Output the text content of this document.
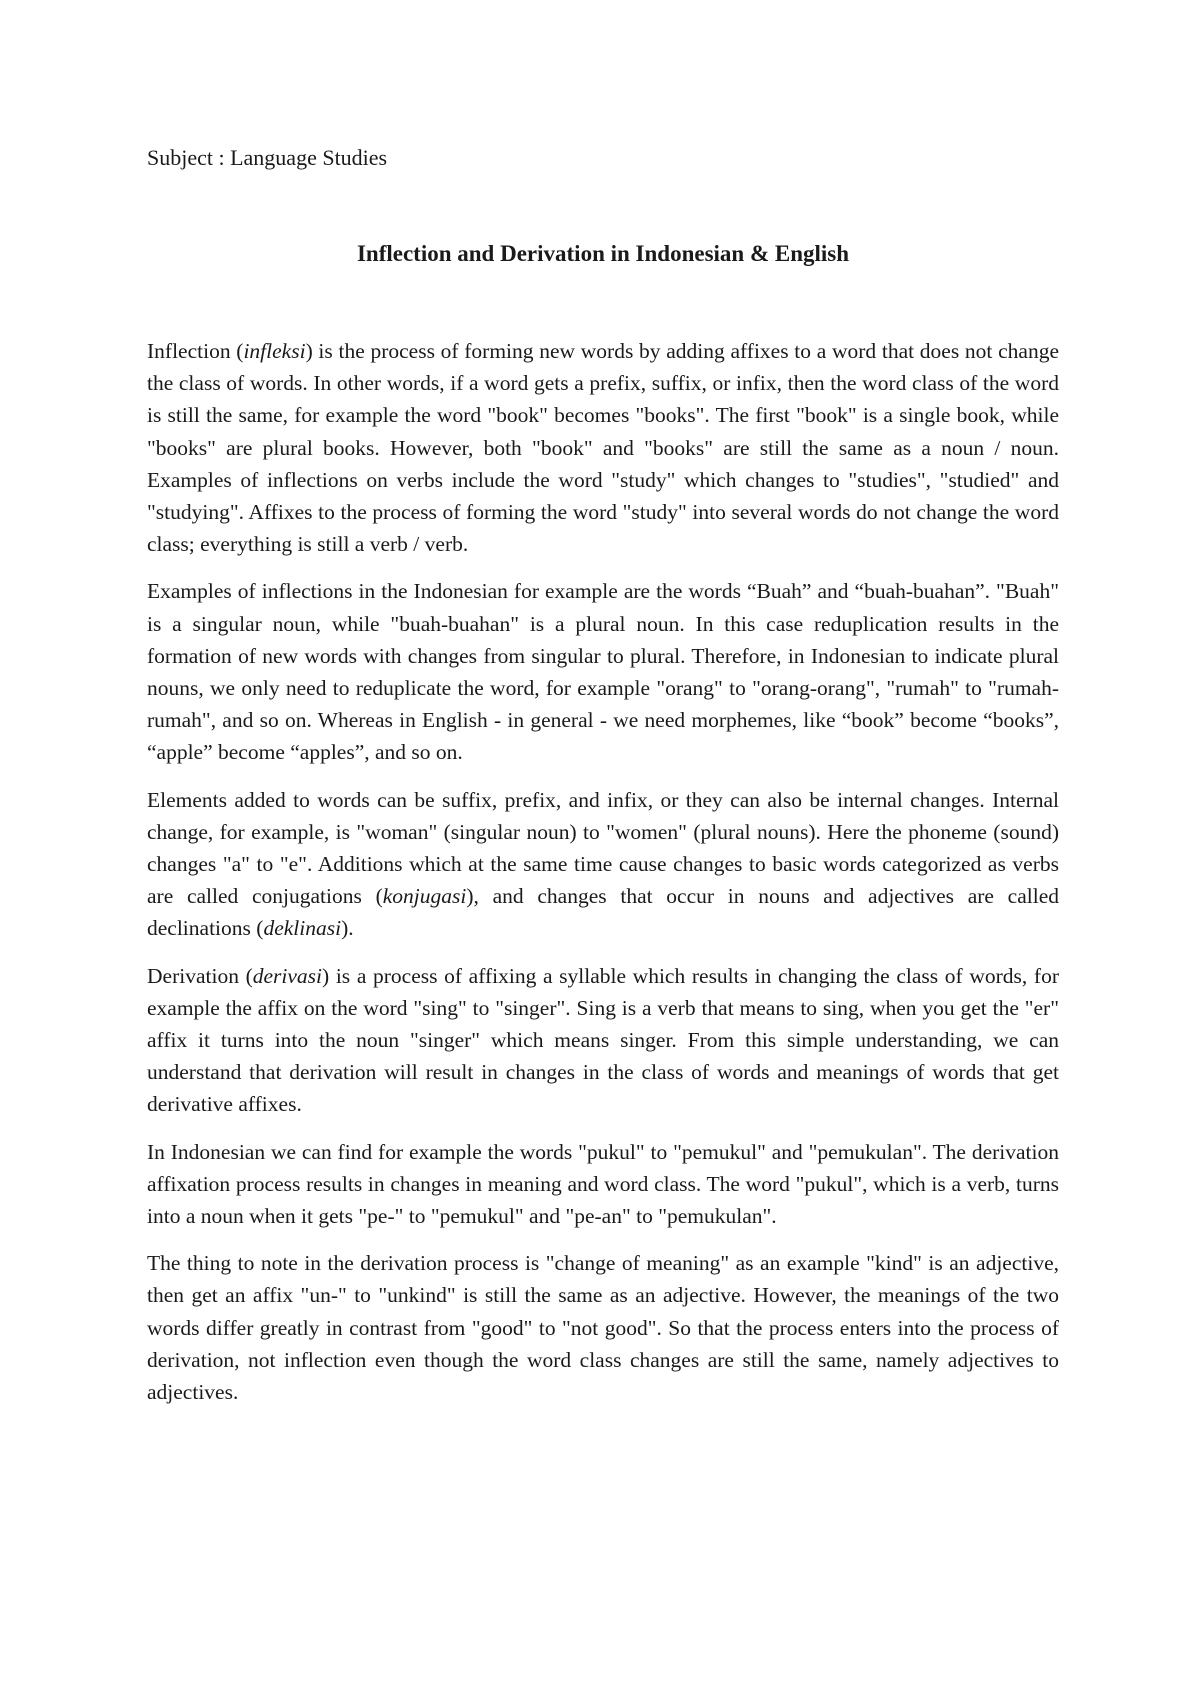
Subject : Language Studies

Inflection and Derivation in Indonesian & English

Inflection (infleksi) is the process of forming new words by adding affixes to a word that does not change the class of words. In other words, if a word gets a prefix, suffix, or infix, then the word class of the word is still the same, for example the word "book" becomes "books". The first "book" is a single book, while "books" are plural books. However, both "book" and "books" are still the same as a noun / noun. Examples of inflections on verbs include the word "study" which changes to "studies", "studied" and "studying". Affixes to the process of forming the word "study" into several words do not change the word class; everything is still a verb / verb.

Examples of inflections in the Indonesian for example are the words “Buah” and “buah-buahan”. "Buah" is a singular noun, while "buah-buahan" is a plural noun. In this case reduplication results in the formation of new words with changes from singular to plural. Therefore, in Indonesian to indicate plural nouns, we only need to reduplicate the word, for example "orang" to "orang-orang", "rumah" to "rumah-rumah", and so on. Whereas in English - in general - we need morphemes, like “book” become “books”, “apple” become “apples”, and so on.

Elements added to words can be suffix, prefix, and infix, or they can also be internal changes. Internal change, for example, is "woman" (singular noun) to "women" (plural nouns). Here the phoneme (sound) changes "a" to "e". Additions which at the same time cause changes to basic words categorized as verbs are called conjugations (konjugasi), and changes that occur in nouns and adjectives are called declinations (deklinasi).

Derivation (derivasi) is a process of affixing a syllable which results in changing the class of words, for example the affix on the word "sing" to "singer". Sing is a verb that means to sing, when you get the "er" affix it turns into the noun "singer" which means singer. From this simple understanding, we can understand that derivation will result in changes in the class of words and meanings of words that get derivative affixes.

In Indonesian we can find for example the words "pukul" to "pemukul" and "pemukulan". The derivation affixation process results in changes in meaning and word class. The word "pukul", which is a verb, turns into a noun when it gets "pe-" to "pemukul" and "pe-an" to "pemukulan".

The thing to note in the derivation process is "change of meaning" as an example "kind" is an adjective, then get an affix "un-" to "unkind" is still the same as an adjective. However, the meanings of the two words differ greatly in contrast from "good" to "not good". So that the process enters into the process of derivation, not inflection even though the word class changes are still the same, namely adjectives to adjectives.
